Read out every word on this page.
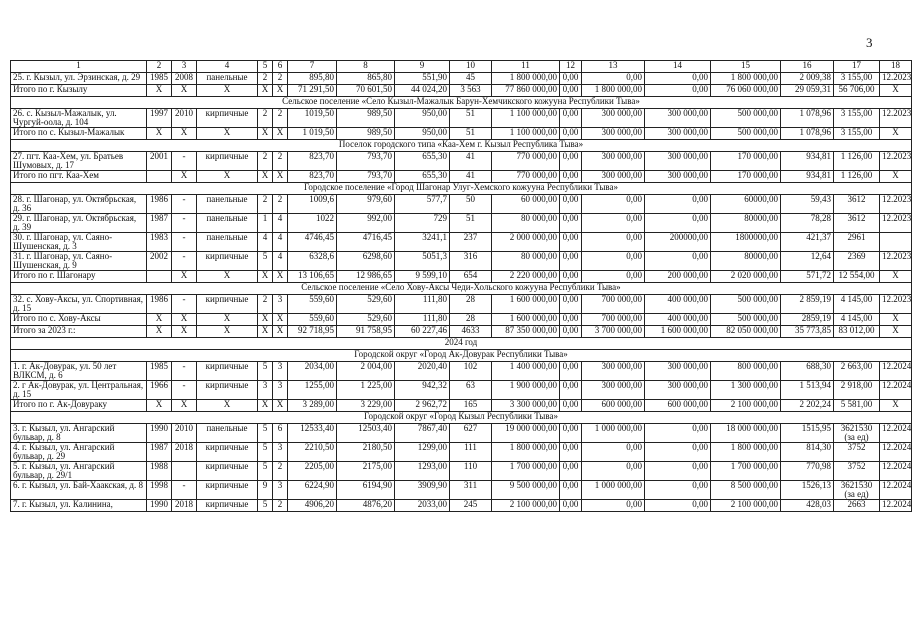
3
1	2	3	4	5	6	7	8	9	10	11	12	13	14	15	16	17	18
25. г. Кызыл, ул. Эрзинская, д. 29	1985	2008	панельные	2	2	895,80	865,80	551,90	45	1 800 000,00	0,00	0,00	0,00	1 800 000,00	2 009,38	3 155,00	12.2023
Итого по г. Кызылу	X	X	X	X	X	71 291,50	70 601,50	44 024,20	3 563	77 860 000,00	0,00	1 800 000,00	0,00	76 060 000,00	29 059,31	56 706,00	X
Сельское поселение «Село Кызыл-Мажалык Барун-Хемчикского кожууна Республики Тыва»																	
26. с. Кызыл-Мажалык, ул. Чургуй-оола, д. 104	1997	2010	кирпичные	2	2	1019,50	989,50	950,00	51	1 100 000,00	0,00	300 000,00	300 000,00	500 000,00	1 078,96	3 155,00	12.2023
Итого по с. Кызыл-Мажалык	X	X	X	X	X	1 019,50	989,50	950,00	51	1 100 000,00	0,00	300 000,00	300 000,00	500 000,00	1 078,96	3 155,00	X
Поселок городского типа «Каа-Хем г. Кызыл Республика Тыва»																	
27. пгт. Каа-Хем, ул. Братьев Шумовых, д. 17	2001	-	кирпичные	2	2	823,70	793,70	655,30	41	770 000,00	0,00	300 000,00	300 000,00	170 000,00	934,81	1 126,00	12.2023
Итого по пгт. Каа-Хем		X	X	X	X	823,70	793,70	655,30	41	770 000,00	0,00	300 000,00	300 000,00	170 000,00	934,81	1 126,00	X
Городское поселение «Город Шагонар Улуг-Хемского кожууна Республики Тыва»																	
28. г. Шагонар, ул. Октябрьская, д. 36	1986	-	панельные	2	2	1009,6	979,60	577,7	50	60 000,00	0,00	0,00	0,00	60000,00	59,43	3612	12.2023
29. г. Шагонар, ул. Октябрьская, д. 39	1987	-	панельные	1	4	1022	992,00	729	51	80 000,00	0,00	0,00	0,00	80000,00	78,28	3612	12.2023
30. г. Шагонар, ул. Саяно-Шушенская, д. 3	1983	-	панельные	4	4	4746,45	4716,45	3241,1	237	2 000 000,00	0,00	0,00	200000,00	1800000,00	421,37	2961	
31. г. Шагонар, ул. Саяно-Шушенская, д. 9	2002	-	кирпичные	5	4	6328,6	6298,60	5051,3	316	80 000,00	0,00	0,00	0,00	80000,00	12,64	2369	12.2023
Итого по г. Шагонару		X	X	X	X	13 106,65	12 986,65	9 599,10	654	2 220 000,00	0,00	0,00	200 000,00	2 020 000,00	571,72	12 554,00	X
Сельское поселение «Село Хову-Аксы Чеди-Хольского кожууна Республики Тыва»																	
32. с. Хову-Аксы, ул. Спортивная, д. 15	1986	-	кирпичные	2	3	559,60	529,60	111,80	28	1 600 000,00	0,00	700 000,00	400 000,00	500 000,00	2 859,19	4 145,00	12.2023
Итого по с. Хову-Аксы	X	X	X	X	X	559,60	529,60	111,80	28	1 600 000,00	0,00	700 000,00	400 000,00	500 000,00	2859,19	4 145,00	X
Итого за 2023 г.:	X	X	X	X	X	92 718,95	91 758,95	60 227,46	4633	87 350 000,00	0,00	3 700 000,00	1 600 000,00	82 050 000,00	35 773,85	83 012,00	X
2024 год																	
Городской округ «Город Ак-Довурак Республики Тыва»																	
1. г. Ак-Довурак, ул. 50 лет ВЛКСМ, д. 6	1985	-	кирпичные	5	3	2034,00	2 004,00	2020,40	102	1 400 000,00	0,00	300 000,00	300 000,00	800 000,00	688,30	2 663,00	12.2024
2. г Ак-Довурак, ул. Центральная, д. 15	1966	-	кирпичные	3	3	1255,00	1 225,00	942,32	63	1 900 000,00	0,00	300 000,00	300 000,00	1 300 000,00	1 513,94	2 918,00	12.2024
Итого по г. Ак-Довураку	X	X	X	X	X	3 289,00	3 229,00	2 962,72	165	3 300 000,00	0,00	600 000,00	600 000,00	2 100 000,00	2 202,24	5 581,00	X
Городской округ «Город Кызыл Республики Тыва»																	
3. г. Кызыл, ул. Ангарский бульвар, д. 8	1990	2010	панельные	5	6	12533,40	12503,40	7867,40	627	19 000 000,00	0,00	1 000 000,00	0,00	18 000 000,00	1515,95	3621530 (за ед)	12.2024
4. г. Кызыл, ул. Ангарский бульвар, д. 29	1987	2018	кирпичные	5	3	2210,50	2180,50	1299,00	111	1 800 000,00	0,00	0,00	0,00	1 800 000,00	814,30	3752	12.2024
5. г. Кызыл, ул. Ангарский бульвар, д. 29/1	1988		кирпичные	5	2	2205,00	2175,00	1293,00	110	1 700 000,00	0,00	0,00	0,00	1 700 000,00	770,98	3752	12.2024
6. г. Кызыл, ул. Бай-Хаакская, д. 8	1998	-	кирпичные	9	3	6224,90	6194,90	3909,90	311	9 500 000,00	0,00	1 000 000,00	0,00	8 500 000,00	1526,13	3621530 (за ед)	12.2024
7. г. Кызыл, ул. Калинина,	1990	2018	кирпичные	5	2	4906,20	4876,20	2033,00	245	2 100 000,00	0,00	0,00	0,00	2 100 000,00	428,03	2663	12.2024
